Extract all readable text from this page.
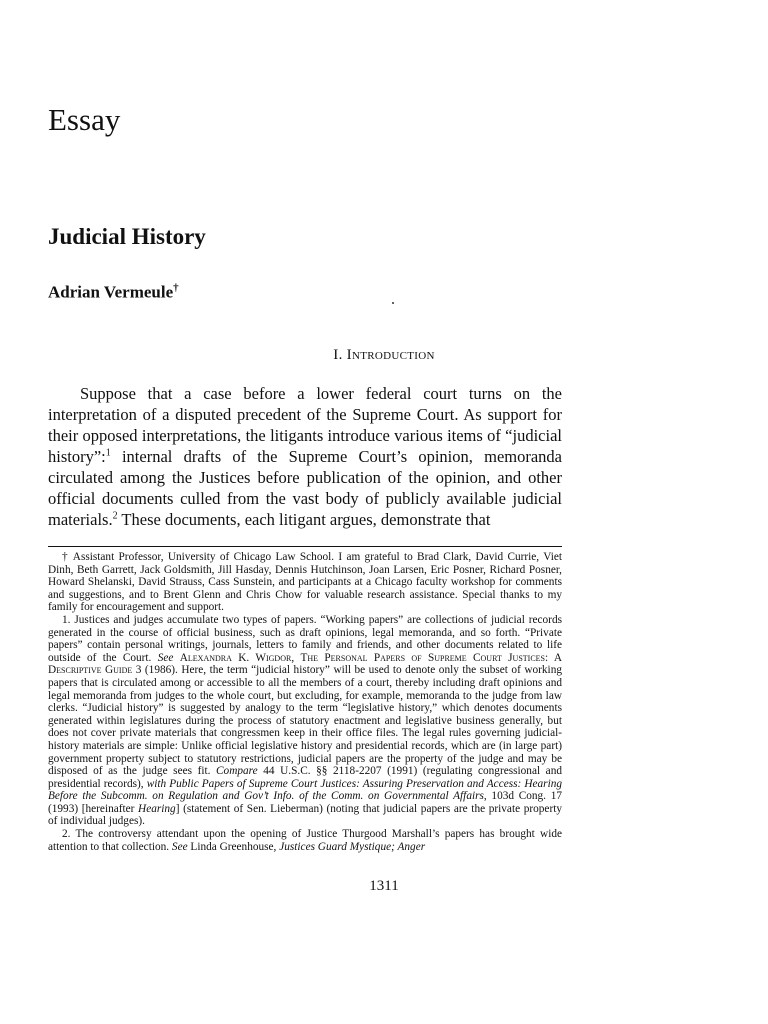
Essay
Judicial History
Adrian Vermeule†
I. Introduction

Suppose that a case before a lower federal court turns on the interpretation of a disputed precedent of the Supreme Court. As support for their opposed interpretations, the litigants introduce various items of “judicial history”:$^1$ internal drafts of the Supreme Court’s opinion, memoranda circulated among the Justices before publication of the opinion, and other official documents culled from the vast body of publicly available judicial materials.$^2$ These documents, each litigant argues, demonstrate that

† Assistant Professor, University of Chicago Law School. I am grateful to Brad Clark, David Currie, Viet Dinh, Beth Garrett, Jack Goldsmith, Jill Hasday, Dennis Hutchinson, Joan Larsen, Eric Posner, Richard Posner, Howard Shelanski, David Strauss, Cass Sunstein, and participants at a Chicago faculty workshop for comments and suggestions, and to Brent Glenn and Chris Chow for valuable research assistance. Special thanks to my family for encouragement and support.

1. Justices and judges accumulate two types of papers. “Working papers” are collections of judicial records generated in the course of official business, such as draft opinions, legal memoranda, and so forth. “Private papers” contain personal writings, journals, letters to family and friends, and other documents related to life outside of the Court. See Alexandra K. Wigdor, The Personal Papers of Supreme Court Justices: A Descriptive Guide 3 (1986). Here, the term “judicial history” will be used to denote only the subset of working papers that is circulated among or accessible to all the members of a court, thereby including draft opinions and legal memoranda from judges to the whole court, but excluding, for example, memoranda to the judge from law clerks. “Judicial history” is suggested by analogy to the term “legislative history,” which denotes documents generated within legislatures during the process of statutory enactment and legislative business generally, but does not cover private materials that congressmen keep in their office files. The legal rules governing judicial-history materials are simple: Unlike official legislative history and presidential records, which are (in large part) government property subject to statutory restrictions, judicial papers are the property of the judge and may be disposed of as the judge sees fit. Compare 44 U.S.C. §§ 2118-2207 (1991) (regulating congressional and presidential records), with Public Papers of Supreme Court Justices: Assuring Preservation and Access: Hearing Before the Subcomm. on Regulation and Gov’t Info. of the Comm. on Governmental Affairs, 103d Cong. 17 (1993) [hereinafter Hearing] (statement of Sen. Lieberman) (noting that judicial papers are the private property of individual judges).

2. The controversy attendant upon the opening of Justice Thurgood Marshall’s papers has brought wide attention to that collection. See Linda Greenhouse, Justices Guard Mystique; Anger

1311
